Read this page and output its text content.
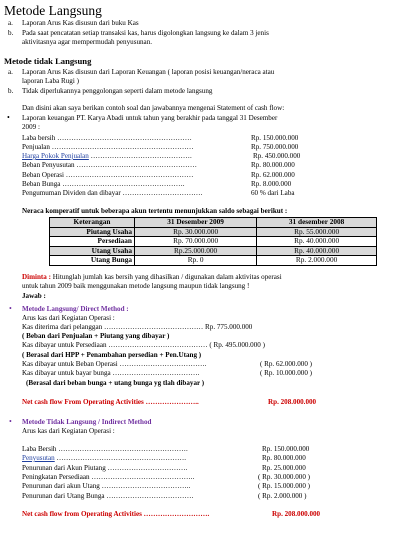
Metode Langsung
a. Laporan Arus Kas disusun dari buku Kas
b. Pada saat pencatatan setiap transaksi kas, harus digolongkan langsung ke dalam 3 jenis
aktivitasnya agar mempermudah penyusunan.
Metode tidak Langsung
a. Laporan Arus Kas disusun dari Laporan Keuangan ( laporan posisi keuangan/neraca atau
laporan Laba Rugi )
b. Tidak diperlukannya penggolongan seperti dalam metode langsung
Dan disini akan saya berikan contoh soal dan jawabannya mengenai Statement of cash flow:
• Laporan keuangan PT. Karya Abadi untuk tahun yang berakhir pada tanggal 31 Desember
2009 :
Laba bersih …………………………………………………	Rp. 150.000.000
Penjualan ……………………………………………………	Rp. 750.000.000
Harga Pokok Penjualan …………………………………….	Rp. 450.000.000
Beban Penyusutan ……………………………………………	Rp. 80.000.000
Beban Operasi ………………………………………………	Rp. 62.000.000
Beban Bunga …………………………………………….	Rp. 8.000.000
Pengumuman Dividen dan dibayar …………………………….	60 % dari Laba
Neraca komperatif untuk beberapa akun tertentu menunjukkan saldo sebagai berikut :
Keterangan	31 Desember 2009	31 desember 2008
Piutang Usaha	Rp. 30.000.000	Rp. 55.000.000
Persediaan	Rp. 70.000.000	Rp. 40.000.000
Utang Usaha	Rp.25.000.000	Rp. 40.000.000
Utang Bunga	Rp. 0	Rp. 2.000.000
Diminta : Hitunglah jumlah kas bersih yang dihasilkan / digunakan dalam aktivitas operasi
untuk tahun 2009 baik menggunakan metode langsung maupun tidak langsung !
Jawab :
• Metode Langsung/ Direct Method :
Arus kas dari Kegiatan Operasi :
Kas diterima dari pelanggan …………………………………… Rp. 775.000.000
( Beban dari Penjualan + Piutang yang dibayar )
Kas dibayar untuk Persediaan …………………………………… ( Rp. 495.000.000 )
( Berasal dari HPP + Penambahan persedian + Pen.Utang )
Kas dibayar untuk Beban Operasi ……………………………….	( Rp. 62.000.000 )
Kas dibayar untuk bayar bunga ……………………………….	( Rp. 10.000.000 )
(Berasal dari beban bunga + utang bunga yg tlah dibayar )
Net cash flow From Operating Activities …………………..	Rp. 208.000.000
• Metode Tidak Langsung / Indirect Method
Arus kas dari Kegiatan Operasi :
Laba Bersih ……………………………………………….	Rp. 150.000.000
Penyusutan ……………………………………………….	Rp. 80.000.000
Penurunan dari Akun Piutang …………………………….	Rp. 25.000.000
Peningkatan Persediaan ……………………………………..	( Rp. 30.000.000 )
Penurunan dari akun Utang ………………………………..	( Rp. 15.000.000 )
Penurunan dari Utang Bunga ……………………………….	( Rp. 2.000.000 )
Net cash flow from Operating Activities ……………………….	Rp. 208.000.000
